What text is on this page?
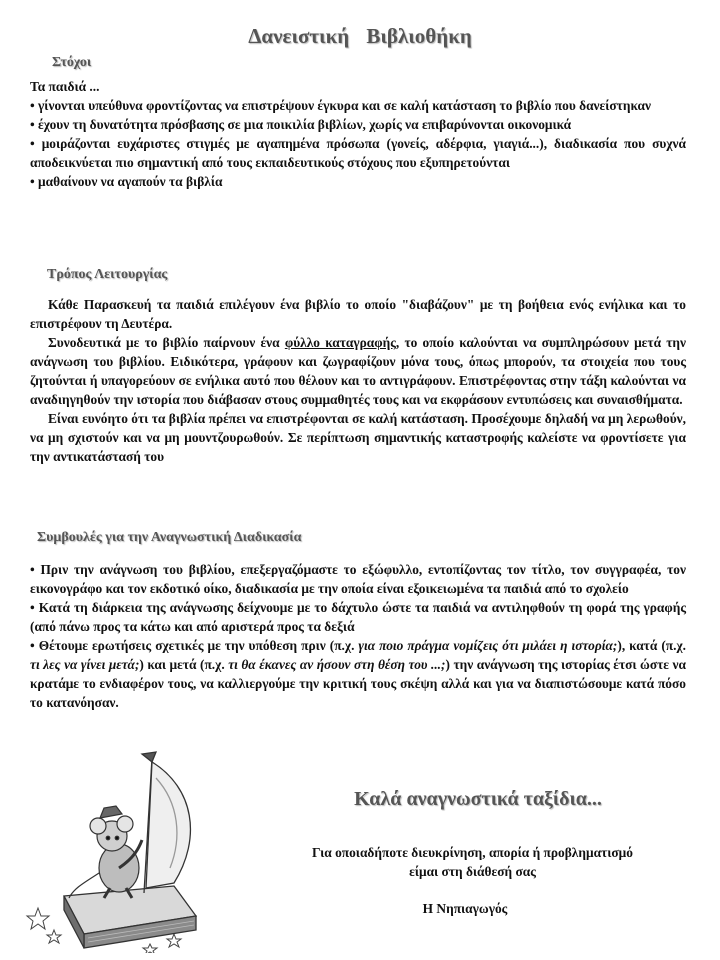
Δανειστική Βιβλιοθήκη
Στόχοι

Τα παιδιά ...

• γίνονται υπεύθυνα φροντίζοντας να επιστρέψουν έγκυρα και σε καλή κατάσταση το βιβλίο που δανείστηκαν

• έχουν τη δυνατότητα πρόσβασης σε μια ποικιλία βιβλίων, χωρίς να επιβαρύνονται οικονομικά

• μοιράζονται ευχάριστες στιγμές με αγαπημένα πρόσωπα (γονείς, αδέρφια, γιαγιά...), διαδικασία που συχνά αποδεικνύεται πιο σημαντική από τους εκπαιδευτικούς στόχους που εξυπηρετούνται

• μαθαίνουν να αγαπούν τα βιβλία

Τρόπος Λειτουργίας

Κάθε Παρασκευή τα παιδιά επιλέγουν ένα βιβλίο το οποίο "διαβάζουν" με τη βοήθεια ενός ενήλικα και το επιστρέφουν τη Δευτέρα.

Συνοδευτικά με το βιβλίο παίρνουν ένα φύλλο καταγραφής, το οποίο καλούνται να συμπληρώσουν μετά την ανάγνωση του βιβλίου. Ειδικότερα, γράφουν και ζωγραφίζουν μόνα τους, όπως μπορούν, τα στοιχεία που τους ζητούνται ή υπαγορεύουν σε ενήλικα αυτό που θέλουν και το αντιγράφουν. Επιστρέφοντας στην τάξη καλούνται να αναδιηγηθούν την ιστορία που διάβασαν στους συμμαθητές τους και να εκφράσουν εντυπώσεις και συναισθήματα.

Είναι ευνόητο ότι τα βιβλία πρέπει να επιστρέφονται σε καλή κατάσταση. Προσέχουμε δηλαδή να μη λερωθούν, να μη σχιστούν και να μη μουντζουρωθούν. Σε περίπτωση σημαντικής καταστροφής καλείστε να φροντίσετε για την αντικατάστασή του

Συμβουλές για την Αναγνωστική Διαδικασία

• Πριν την ανάγνωση του βιβλίου, επεξεργαζόμαστε το εξώφυλλο, εντοπίζοντας τον τίτλο, τον συγγραφέα, τον εικονογράφο και τον εκδοτικό οίκο, διαδικασία με την οποία είναι εξοικειωμένα τα παιδιά από το σχολείο

• Κατά τη διάρκεια της ανάγνωσης δείχνουμε με το δάχτυλο ώστε τα παιδιά να αντιληφθούν τη φορά της γραφής (από πάνω προς τα κάτω και από αριστερά προς τα δεξιά

• Θέτουμε ερωτήσεις σχετικές με την υπόθεση πριν (π.χ. για ποιο πράγμα νομίζεις ότι μιλάει η ιστορία;), κατά (π.χ. τι λες να γίνει μετά;) και μετά (π.χ. τι θα έκανες αν ήσουν στη θέση του ...;) την ανάγνωση της ιστορίας έτσι ώστε να κρατάμε το ενδιαφέρον τους, να καλλιεργούμε την κριτική τους σκέψη αλλά και για να διαπιστώσουμε κατά πόσο το κατανόησαν.

Καλά αναγνωστικά ταξίδια...
Για οποιαδήποτε διευκρίνηση, απορία ή προβληματισμό
είμαι στη διάθεσή σας
Η Νηπιαγωγός
